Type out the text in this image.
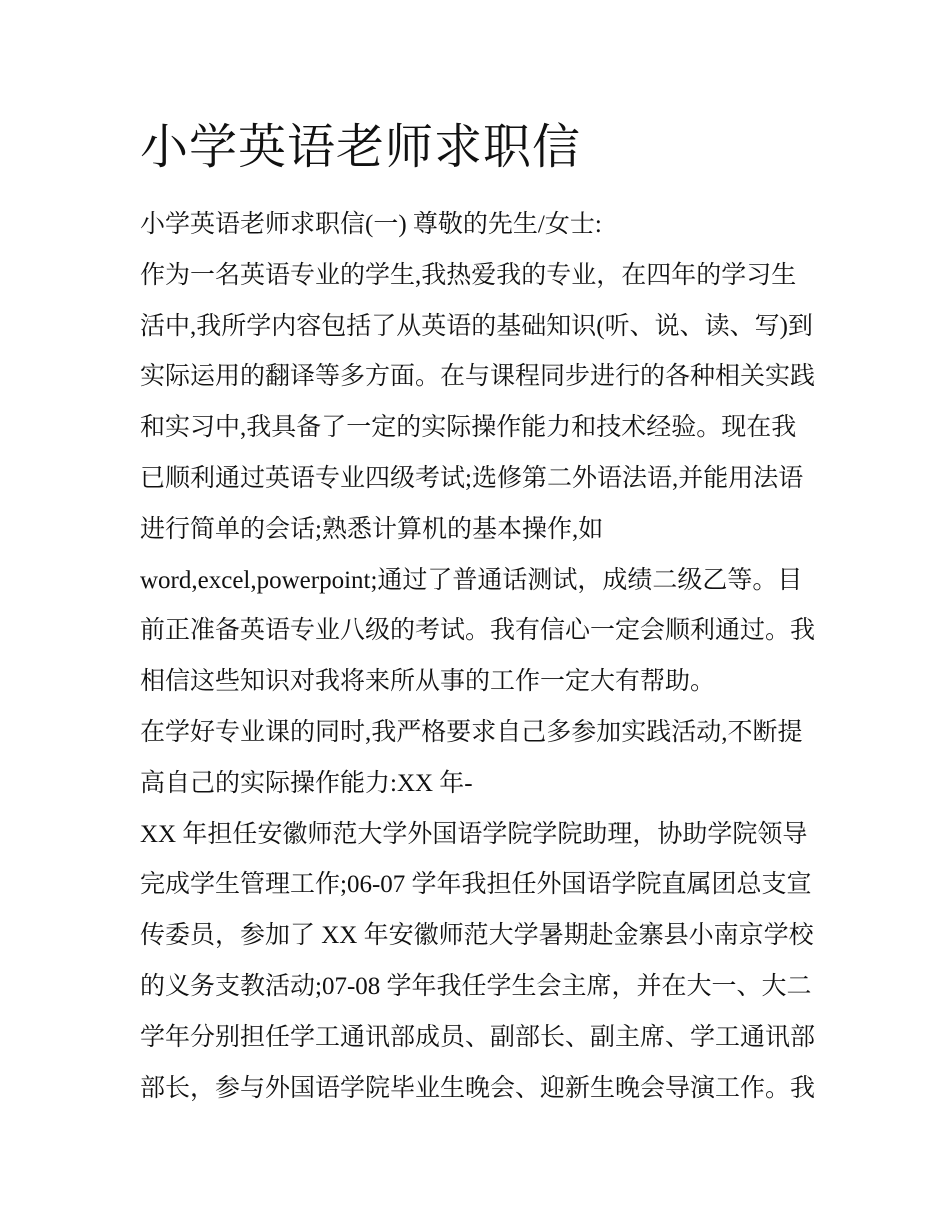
小学英语老师求职信
小学英语老师求职信(一) 尊敬的先生/女士:
作为一名英语专业的学生,我热爱我的专业，在四年的学习生
活中,我所学内容包括了从英语的基础知识(听、说、读、写)到
实际运用的翻译等多方面。在与课程同步进行的各种相关实践
和实习中,我具备了一定的实际操作能力和技术经验。现在我
已顺利通过英语专业四级考试;选修第二外语法语,并能用法语
进行简单的会话;熟悉计算机的基本操作,如
word,excel,powerpoint;通过了普通话测试，成绩二级乙等。目
前正准备英语专业八级的考试。我有信心一定会顺利通过。我
相信这些知识对我将来所从事的工作一定大有帮助。
在学好专业课的同时,我严格要求自己多参加实践活动,不断提
高自己的实际操作能力:XX 年-
XX 年担任安徽师范大学外国语学院学院助理，协助学院领导
完成学生管理工作;06-07 学年我担任外国语学院直属团总支宣
传委员，参加了 XX 年安徽师范大学暑期赴金寨县小南京学校
的义务支教活动;07-08 学年我任学生会主席，并在大一、大二
学年分别担任学工通讯部成员、副部长、副主席、学工通讯部
部长，参与外国语学院毕业生晚会、迎新生晚会导演工作。我
